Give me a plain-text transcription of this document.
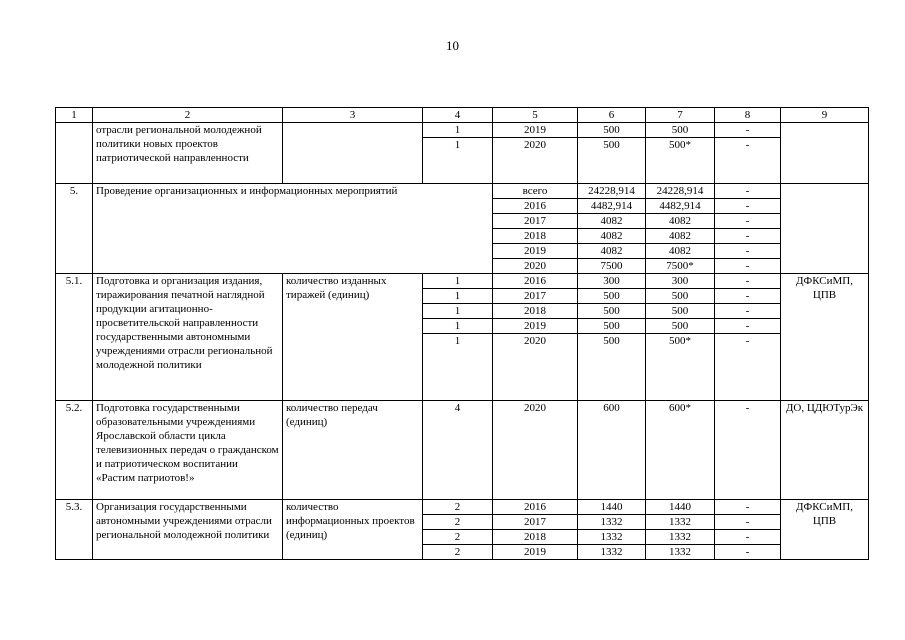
10
1	2	3	4	5	6	7	8	9
	отрасли региональной молодежной политики новых проектов патриотической направленности		1	2019	500	500	-	
			1	2020	500	500*	-	
5.	Проведение организационных и информационных мероприятий			всего	24228,914	24228,914	-	
				2016	4482,914	4482,914	-	
				2017	4082	4082	-	
				2018	4082	4082	-	
				2019	4082	4082	-	
				2020	7500	7500*	-	
5.1.	Подготовка и организация издания, тиражирования печатной наглядной продукции агитационно-просветительской направленности государственными автономными учреждениями отрасли региональной молодежной политики	количество изданных тиражей (единиц)	1	2016	300	300	-	ДФКСиМП, ЦПВ
			1	2017	500	500	-	
			1	2018	500	500	-	
			1	2019	500	500	-	
			1	2020	500	500*	-	
5.2.	Подготовка государственными образовательными учреждениями Ярославской области цикла телевизионных передач о гражданском и патриотическом воспитании «Растим патриотов!»	количество передач (единиц)	4	2020	600	600*	-	ДО, ЦДЮТурЭк
5.3.	Организация государственными автономными учреждениями отрасли региональной молодежной политики	количество информационных проектов (единиц)	2	2016	1440	1440	-	ДФКСиМП, ЦПВ
			2	2017	1332	1332	-	
			2	2018	1332	1332	-	
			2	2019	1332	1332	-	
